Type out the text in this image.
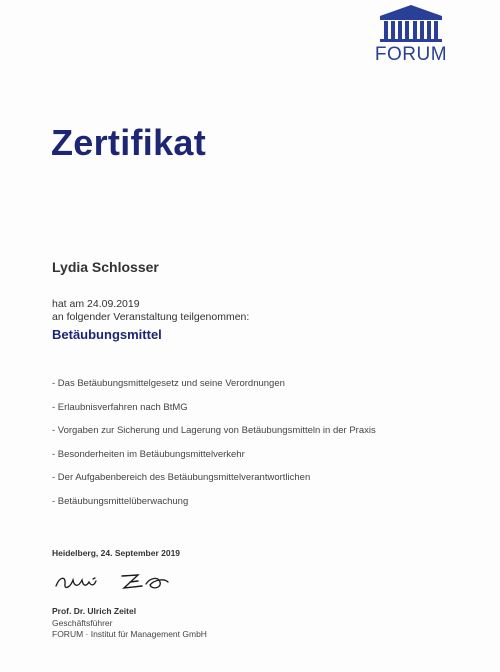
FORUM
Zertifikat
Lydia Schlosser
hat am 24.09.2019
an folgender Veranstaltung teilgenommen:
Betäubungsmittel
- Das Betäubungsmittelgesetz und seine Verordnungen
- Erlaubnisverfahren nach BtMG
- Vorgaben zur Sicherung und Lagerung von Betäubungsmitteln in der Praxis
- Besonderheiten im Betäubungsmittelverkehr
- Der Aufgabenbereich des Betäubungsmittelverantwortlichen
- Betäubungsmittelüberwachung
Heidelberg, 24. September 2019
Prof. Dr. Ulrich Zeitel
Geschäftsführer
FORUM · Institut für Management GmbH
